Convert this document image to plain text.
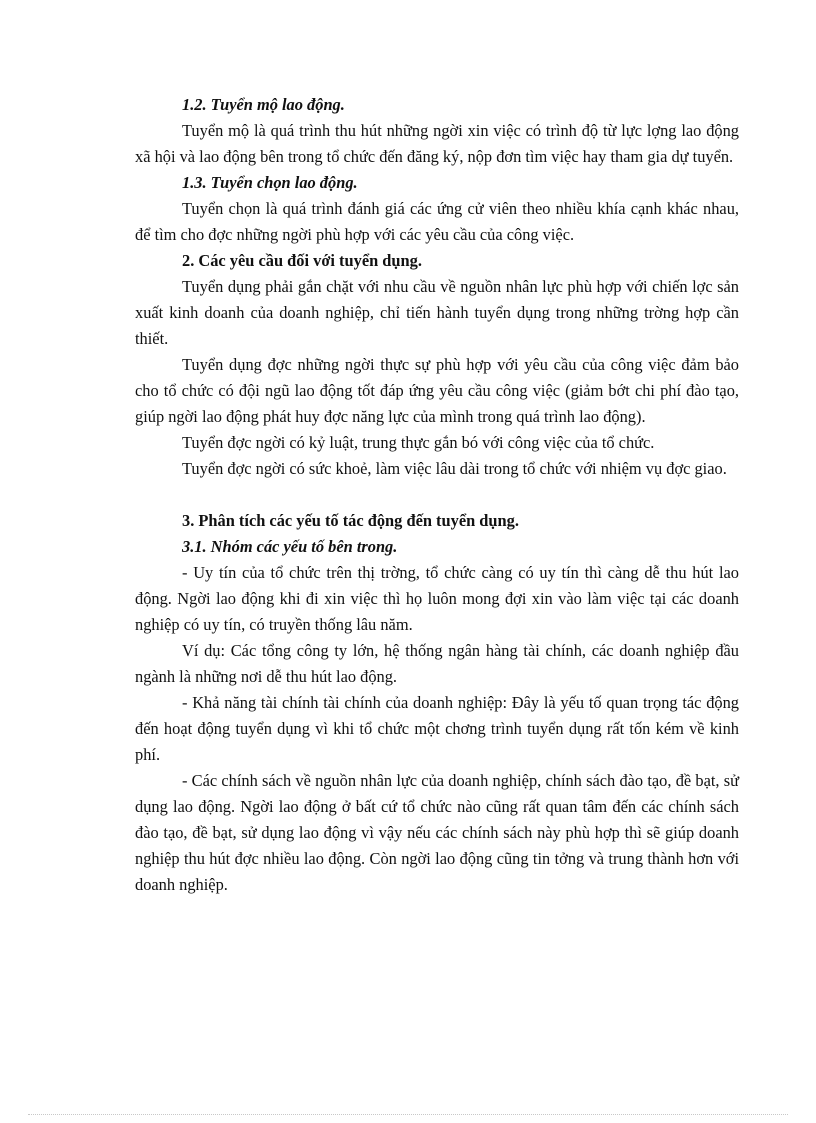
1.2. Tuyển mộ lao động.

Tuyển mộ là quá trình thu hút những ngời xin việc có trình độ từ lực lợng lao động xã hội và lao động bên trong tổ chức đến đăng ký, nộp đơn tìm việc hay tham gia dự tuyển.

1.3. Tuyển chọn lao động.

Tuyển chọn là quá trình đánh giá các ứng cử viên theo nhiều khía cạnh khác nhau, để tìm cho đợc những ngời phù hợp với các yêu cầu của công việc.

2. Các yêu cầu đối với tuyển dụng.

Tuyển dụng phải gắn chặt với nhu cầu về nguồn nhân lực phù hợp với chiến lợc sản xuất kinh doanh của doanh nghiệp, chỉ tiến hành tuyển dụng trong những trờng hợp cần thiết.

Tuyển dụng đợc những ngời thực sự phù hợp với yêu cầu của công việc đảm bảo cho tổ chức có đội ngũ lao động tốt đáp ứng yêu cầu công việc (giảm bớt chi phí đào tạo, giúp ngời lao động phát huy đợc năng lực của mình trong quá trình lao động).

Tuyển đợc ngời có kỷ luật, trung thực gắn bó với công việc của tổ chức.

Tuyển đợc ngời có sức khoẻ, làm việc lâu dài trong tổ chức với nhiệm vụ đợc giao.

3. Phân tích các yếu tố tác động đến tuyển dụng.

3.1. Nhóm các yếu tố bên trong.

- Uy tín của tổ chức trên thị trờng, tổ chức càng có uy tín thì càng dễ thu hút lao động. Ngời lao động khi đi xin việc thì họ luôn mong đợi xin vào làm việc tại các doanh nghiệp có uy tín, có truyền thống lâu năm.

Ví dụ: Các tổng công ty lớn, hệ thống ngân hàng tài chính, các doanh nghiệp đầu ngành là những nơi dễ thu hút lao động.

- Khả năng tài chính tài chính của doanh nghiệp: Đây là yếu tố quan trọng tác động đến hoạt động tuyển dụng vì khi tổ chức một chơng trình tuyển dụng rất tốn kém về kinh phí.

- Các chính sách về nguồn nhân lực của doanh nghiệp, chính sách đào tạo, đề bạt, sử dụng lao động. Ngời lao động ở bất cứ tổ chức nào cũng rất quan tâm đến các chính sách đào tạo, đề bạt, sử dụng lao động vì vậy nếu các chính sách này phù hợp thì sẽ giúp doanh nghiệp thu hút đợc nhiều lao động. Còn ngời lao động cũng tin tởng và trung thành hơn với doanh nghiệp.
